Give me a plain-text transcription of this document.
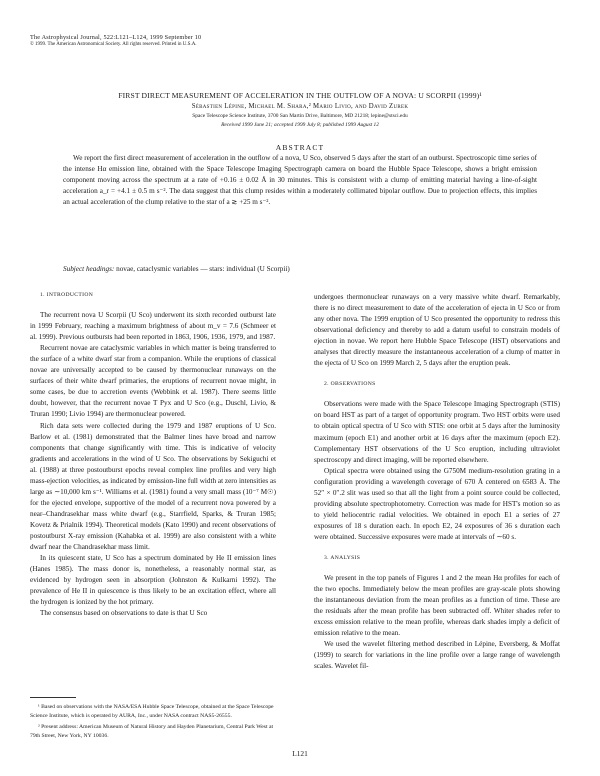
The Astrophysical Journal, 522:L121–L124, 1999 September 10
© 1999. The American Astronomical Society. All rights reserved. Printed in U.S.A.
FIRST DIRECT MEASUREMENT OF ACCELERATION IN THE OUTFLOW OF A NOVA: U SCORPII (1999)¹
Sébastien Lépine, Michael M. Shara,² Mario Livio, and David Zurek
Space Telescope Science Institute, 3700 San Martin Drive, Baltimore, MD 21218; lepine@stsci.edu
Received 1999 June 21; accepted 1999 July 8; published 1999 August 12
ABSTRACT

We report the first direct measurement of acceleration in the outflow of a nova, U Sco, observed 5 days after the start of an outburst. Spectroscopic time series of the intense Hα emission line, obtained with the Space Telescope Imaging Spectrograph camera on board the Hubble Space Telescope, shows a bright emission component moving across the spectrum at a rate of +0.16 ± 0.02 Å in 30 minutes. This is consistent with a clump of emitting material having a line-of-sight acceleration a_r = +4.1 ± 0.5 m s⁻². The data suggest that this clump resides within a moderately collimated bipolar outflow. Due to projection effects, this implies an actual acceleration of the clump relative to the star of a ≳ +25 m s⁻².

Subject headings: novae, cataclysmic variables — stars: individual (U Scorpii)

1. INTRODUCTION

The recurrent nova U Scorpii (U Sco) underwent its sixth recorded outburst late in 1999 February, reaching a maximum brightness of about m_v = 7.6 (Schmeer et al. 1999). Previous outbursts had been reported in 1863, 1906, 1936, 1979, and 1987.

Recurrent novae are cataclysmic variables in which matter is being transferred to the surface of a white dwarf star from a companion. While the eruptions of classical novae are universally accepted to be caused by thermonuclear runaways on the surfaces of their white dwarf primaries, the eruptions of recurrent novae might, in some cases, be due to accretion events (Webbink et al. 1987). There seems little doubt, however, that the recurrent novae T Pyx and U Sco (e.g., Duschl, Livio, & Truran 1990; Livio 1994) are thermonuclear powered.

Rich data sets were collected during the 1979 and 1987 eruptions of U Sco. Barlow et al. (1981) demonstrated that the Balmer lines have broad and narrow components that change significantly with time. This is indicative of velocity gradients and accelerations in the wind of U Sco. The observations by Sekiguchi et al. (1988) at three postoutburst epochs reveal complex line profiles and very high mass-ejection velocities, as indicated by emission-line full width at zero intensities as large as ∼10,000 km s⁻¹. Williams et al. (1981) found a very small mass (10⁻⁷ M☉) for the ejected envelope, supportive of the model of a recurrent nova powered by a near–Chandrasekhar mass white dwarf (e.g., Starrfield, Sparks, & Truran 1985; Kovetz & Prialnik 1994). Theoretical models (Kato 1990) and recent observations of postoutburst X-ray emission (Kahabka et al. 1999) are also consistent with a white dwarf near the Chandrasekhar mass limit.

In its quiescent state, U Sco has a spectrum dominated by He II emission lines (Hanes 1985). The mass donor is, nonetheless, a reasonably normal star, as evidenced by hydrogen seen in absorption (Johnston & Kulkarni 1992). The prevalence of He II in quiescence is thus likely to be an excitation effect, where all the hydrogen is ionized by the hot primary.

The consensus based on observations to date is that U Sco

undergoes thermonuclear runaways on a very massive white dwarf. Remarkably, there is no direct measurement to date of the acceleration of ejecta in U Sco or from any other nova. The 1999 eruption of U Sco presented the opportunity to redress this observational deficiency and thereby to add a datum useful to constrain models of ejection in novae. We report here Hubble Space Telescope (HST) observations and analyses that directly measure the instantaneous acceleration of a clump of matter in the ejecta of U Sco on 1999 March 2, 5 days after the eruption peak.

2. OBSERVATIONS

Observations were made with the Space Telescope Imaging Spectrograph (STIS) on board HST as part of a target of opportunity program. Two HST orbits were used to obtain optical spectra of U Sco with STIS: one orbit at 5 days after the luminosity maximum (epoch E1) and another orbit at 16 days after the maximum (epoch E2). Complementary HST observations of the U Sco eruption, including ultraviolet spectroscopy and direct imaging, will be reported elsewhere.

Optical spectra were obtained using the G750M medium-resolution grating in a configuration providing a wavelength coverage of 670 Å centered on 6583 Å. The 52″ × 0″.2 slit was used so that all the light from a point source could be collected, providing absolute spectrophotometry. Correction was made for HST's motion so as to yield heliocentric radial velocities. We obtained in epoch E1 a series of 27 exposures of 18 s duration each. In epoch E2, 24 exposures of 36 s duration each were obtained. Successive exposures were made at intervals of ∼60 s.

3. ANALYSIS

We present in the top panels of Figures 1 and 2 the mean Hα profiles for each of the two epochs. Immediately below the mean profiles are gray-scale plots showing the instantaneous deviation from the mean profiles as a function of time. These are the residuals after the mean profile has been subtracted off. Whiter shades refer to excess emission relative to the mean profile, whereas dark shades imply a deficit of emission relative to the mean.

We used the wavelet filtering method described in Lépine, Eversberg, & Moffat (1999) to search for variations in the line profile over a large range of wavelength scales. Wavelet fil-

¹ Based on observations with the NASA/ESA Hubble Space Telescope, obtained at the Space Telescope Science Institute, which is operated by AURA, Inc., under NASA contract NAS5-26555.

² Present address: American Museum of Natural History and Hayden Planetarium, Central Park West at 79th Street, New York, NY 10036.

L121
